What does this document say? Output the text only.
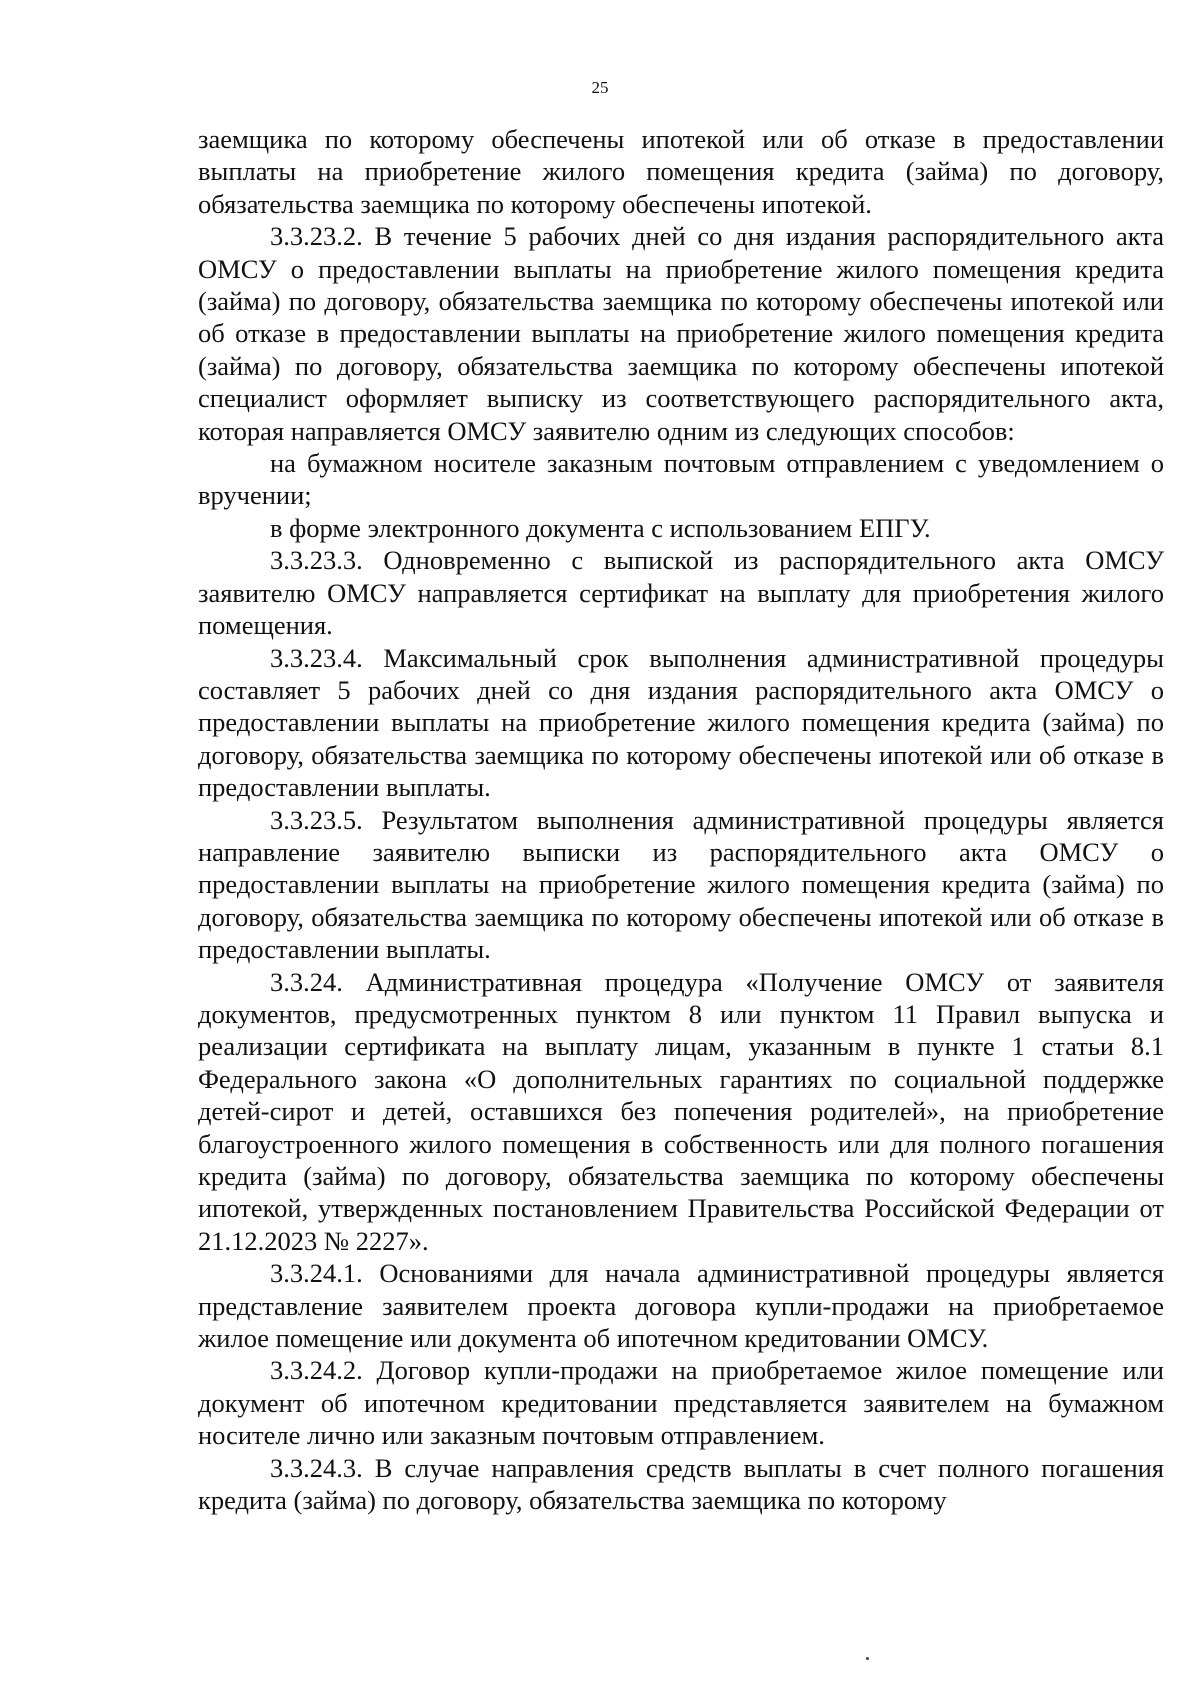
25

заемщика по которому обеспечены ипотекой или об отказе в предоставлении выплаты на приобретение жилого помещения кредита (займа) по договору, обязательства заемщика по которому обеспечены ипотекой.

3.3.23.2. В течение 5 рабочих дней со дня издания распорядительного акта ОМСУ о предоставлении выплаты на приобретение жилого помещения кредита (займа) по договору, обязательства заемщика по которому обеспечены ипотекой или об отказе в предоставлении выплаты на приобретение жилого помещения кредита (займа) по договору, обязательства заемщика по которому обеспечены ипотекой специалист оформляет выписку из соответствующего распорядительного акта, которая направляется ОМСУ заявителю одним из следующих способов:

на бумажном носителе заказным почтовым отправлением с уведомлением о вручении;

в форме электронного документа с использованием ЕПГУ.

3.3.23.3. Одновременно с выпиской из распорядительного акта ОМСУ заявителю ОМСУ направляется сертификат на выплату для приобретения жилого помещения.

3.3.23.4. Максимальный срок выполнения административной процедуры составляет 5 рабочих дней со дня издания распорядительного акта ОМСУ о предоставлении выплаты на приобретение жилого помещения кредита (займа) по договору, обязательства заемщика по которому обеспечены ипотекой или об отказе в предоставлении выплаты.

3.3.23.5. Результатом выполнения административной процедуры является направление заявителю выписки из распорядительного акта ОМСУ о предоставлении выплаты на приобретение жилого помещения кредита (займа) по договору, обязательства заемщика по которому обеспечены ипотекой или об отказе в предоставлении выплаты.

3.3.24. Административная процедура «Получение ОМСУ от заявителя документов, предусмотренных пунктом 8 или пунктом 11 Правил выпуска и реализации сертификата на выплату лицам, указанным в пункте 1 статьи 8.1 Федерального закона «О дополнительных гарантиях по социальной поддержке детей-сирот и детей, оставшихся без попечения родителей», на приобретение благоустроенного жилого помещения в собственность или для полного погашения кредита (займа) по договору, обязательства заемщика по которому обеспечены ипотекой, утвержденных постановлением Правительства Российской Федерации от 21.12.2023 № 2227».

3.3.24.1. Основаниями для начала административной процедуры является представление заявителем проекта договора купли-продажи на приобретаемое жилое помещение или документа об ипотечном кредитовании ОМСУ.

3.3.24.2. Договор купли-продажи на приобретаемое жилое помещение или документ об ипотечном кредитовании представляется заявителем на бумажном носителе лично или заказным почтовым отправлением.

3.3.24.3. В случае направления средств выплаты в счет полного погашения кредита (займа) по договору, обязательства заемщика по которому
